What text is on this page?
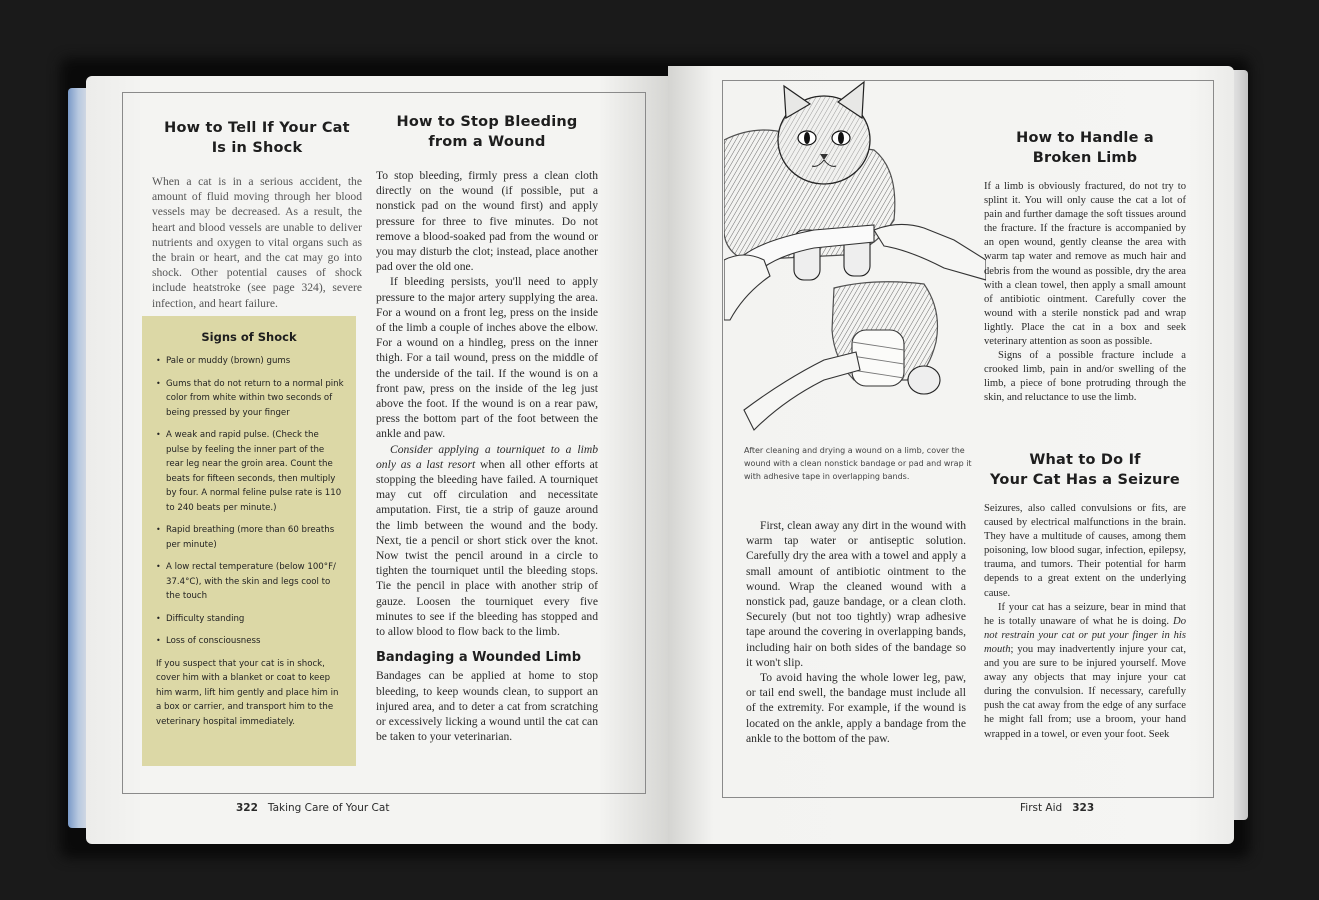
How to Tell If Your Cat
Is in Shock

When a cat is in a serious accident, the amount of fluid moving through her blood vessels may be decreased. As a result, the heart and blood vessels are unable to deliver nutrients and oxygen to vital organs such as the brain or heart, and the cat may go into shock. Other potential causes of shock include heatstroke (see page 324), severe infection, and heart failure.

Signs of Shock
• Pale or muddy (brown) gums
• Gums that do not return to a normal pink color from white within two seconds of being pressed by your finger
• A weak and rapid pulse. (Check the pulse by feeling the inner part of the rear leg near the groin area. Count the beats for fifteen seconds, then multiply by four. A normal feline pulse rate is 110 to 240 beats per minute.)
• Rapid breathing (more than 60 breaths per minute)
• A low rectal temperature (below 100°F/ 37.4°C), with the skin and legs cool to the touch
• Difficulty standing
• Loss of consciousness
If you suspect that your cat is in shock, cover him with a blanket or coat to keep him warm, lift him gently and place him in a box or carrier, and transport him to the veterinary hospital immediately.
How to Stop Bleeding
from a Wound

To stop bleeding, firmly press a clean cloth directly on the wound (if possible, put a nonstick pad on the wound first) and apply pressure for three to five minutes. Do not remove a blood-soaked pad from the wound or you may disturb the clot; instead, place another pad over the old one.

If bleeding persists, you'll need to apply pressure to the major artery supplying the area. For a wound on a front leg, press on the inside of the limb a couple of inches above the elbow. For a wound on a hindleg, press on the inner thigh. For a tail wound, press on the middle of the underside of the tail. If the wound is on a front paw, press on the inside of the leg just above the foot. If the wound is on a rear paw, press the bottom part of the foot between the ankle and paw.

Consider applying a tourniquet to a limb only as a last resort when all other efforts at stopping the bleeding have failed. A tourniquet may cut off circulation and necessitate amputation. First, tie a strip of gauze around the limb between the wound and the body. Next, tie a pencil or short stick over the knot. Now twist the pencil around in a circle to tighten the tourniquet until the bleeding stops. Tie the pencil in place with another strip of gauze. Loosen the tourniquet every five minutes to see if the bleeding has stopped and to allow blood to flow back to the limb.

Bandaging a Wounded Limb

Bandages can be applied at home to stop bleeding, to keep wounds clean, to support an injured area, and to deter a cat from scratching or excessively licking a wound until the cat can be taken to your veterinarian.

322 Taking Care of Your Cat
After cleaning and drying a wound on a limb, cover the wound with a clean nonstick bandage or pad and wrap it with adhesive tape in overlapping bands.

First, clean away any dirt in the wound with warm tap water or antiseptic solution. Carefully dry the area with a towel and apply a small amount of antibiotic ointment to the wound. Wrap the cleaned wound with a nonstick pad, gauze bandage, or a clean cloth. Securely (but not too tightly) wrap adhesive tape around the covering in overlapping bands, including hair on both sides of the bandage so it won't slip.

To avoid having the whole lower leg, paw, or tail end swell, the bandage must include all of the extremity. For example, if the wound is located on the ankle, apply a bandage from the ankle to the bottom of the paw.

How to Handle a
Broken Limb

If a limb is obviously fractured, do not try to splint it. You will only cause the cat a lot of pain and further damage the soft tissues around the fracture. If the fracture is accompanied by an open wound, gently cleanse the area with warm tap water and remove as much hair and debris from the wound as possible, dry the area with a clean towel, then apply a small amount of antibiotic ointment. Carefully cover the wound with a sterile nonstick pad and wrap lightly. Place the cat in a box and seek veterinary attention as soon as possible.

Signs of a possible fracture include a crooked limb, pain in and/or swelling of the limb, a piece of bone protruding through the skin, and reluctance to use the limb.

What to Do If
Your Cat Has a Seizure

Seizures, also called convulsions or fits, are caused by electrical malfunctions in the brain. They have a multitude of causes, among them poisoning, low blood sugar, infection, epilepsy, trauma, and tumors. Their potential for harm depends to a great extent on the underlying cause.

If your cat has a seizure, bear in mind that he is totally unaware of what he is doing. Do not restrain your cat or put your finger in his mouth; you may inadvertently injure your cat, and you are sure to be injured yourself. Move away any objects that may injure your cat during the convulsion. If necessary, carefully push the cat away from the edge of any surface he might fall from; use a broom, your hand wrapped in a towel, or even your foot. Seek

First Aid 323
